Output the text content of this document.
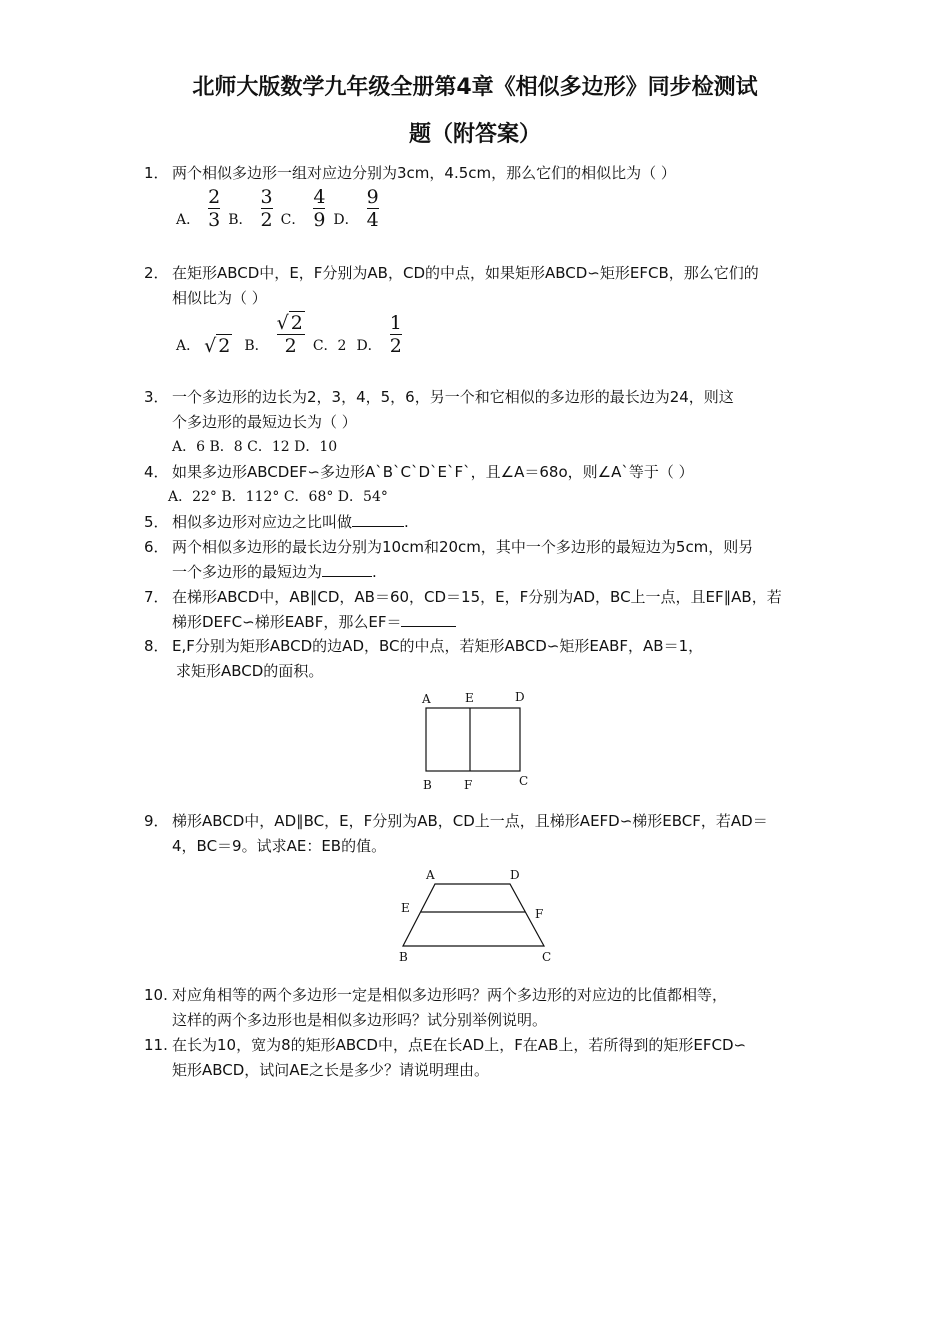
北师大版数学九年级全册第4章《相似多边形》同步检测试
题（附答案）
1． 两个相似多边形一组对应边分别为3cm，4.5cm，那么它们的相似比为（ ）
A． $\frac{2}{3}$ B． $\frac{3}{2}$ C． $\frac{4}{9}$ D． $\frac{9}{4}$
2． 在矩形ABCD中，E，F分别为AB，CD的中点，如果矩形ABCD∽矩形EFCB，那么它们的
相似比为（ ）
A． √ 2 B． $\frac{√ 2}{2}$ C．2 D． $\frac{1}{2}$
3． 一个多边形的边长为2，3，4，5，6，另一个和它相似的多边形的最长边为24，则这
个多边形的最短边长为（ ）
A．6 B．8 C．12 D．10
4． 如果多边形ABCDEF∽多边形A`B`C`D`E`F`，且∠A＝68o，则∠A`等于（ ）
A．22° B．112° C．68° D．54°
5． 相似多边形对应边之比叫做	.
6． 两个相似多边形的最长边分别为10cm和20cm，其中一个多边形的最短边为5cm，则另
一个多边形的最短边为	.
7． 在梯形ABCD中，AB∥CD，AB＝60，CD＝15，E，F分别为AD，BC上一点，且EF∥AB，若
梯形DEFC∽梯形EABF，那么EF＝
8． E,F分别为矩形ABCD的边AD，BC的中点，若矩形ABCD∽矩形EABF，AB＝1，
求矩形ABCD的面积。
A	E	D
B	F	C
9． 梯形ABCD中，AD∥BC，E，F分别为AB，CD上一点，且梯形AEFD∽梯形EBCF，若AD＝
4，BC＝9。试求AE：EB的值。
A	D
E	F
B	C
10. 对应角相等的两个多边形一定是相似多边形吗？两个多边形的对应边的比值都相等，
这样的两个多边形也是相似多边形吗？试分别举例说明。
11. 在长为10，宽为8的矩形ABCD中，点E在长AD上，F在AB上，若所得到的矩形EFCD∽
矩形ABCD，试问AE之长是多少？请说明理由。
